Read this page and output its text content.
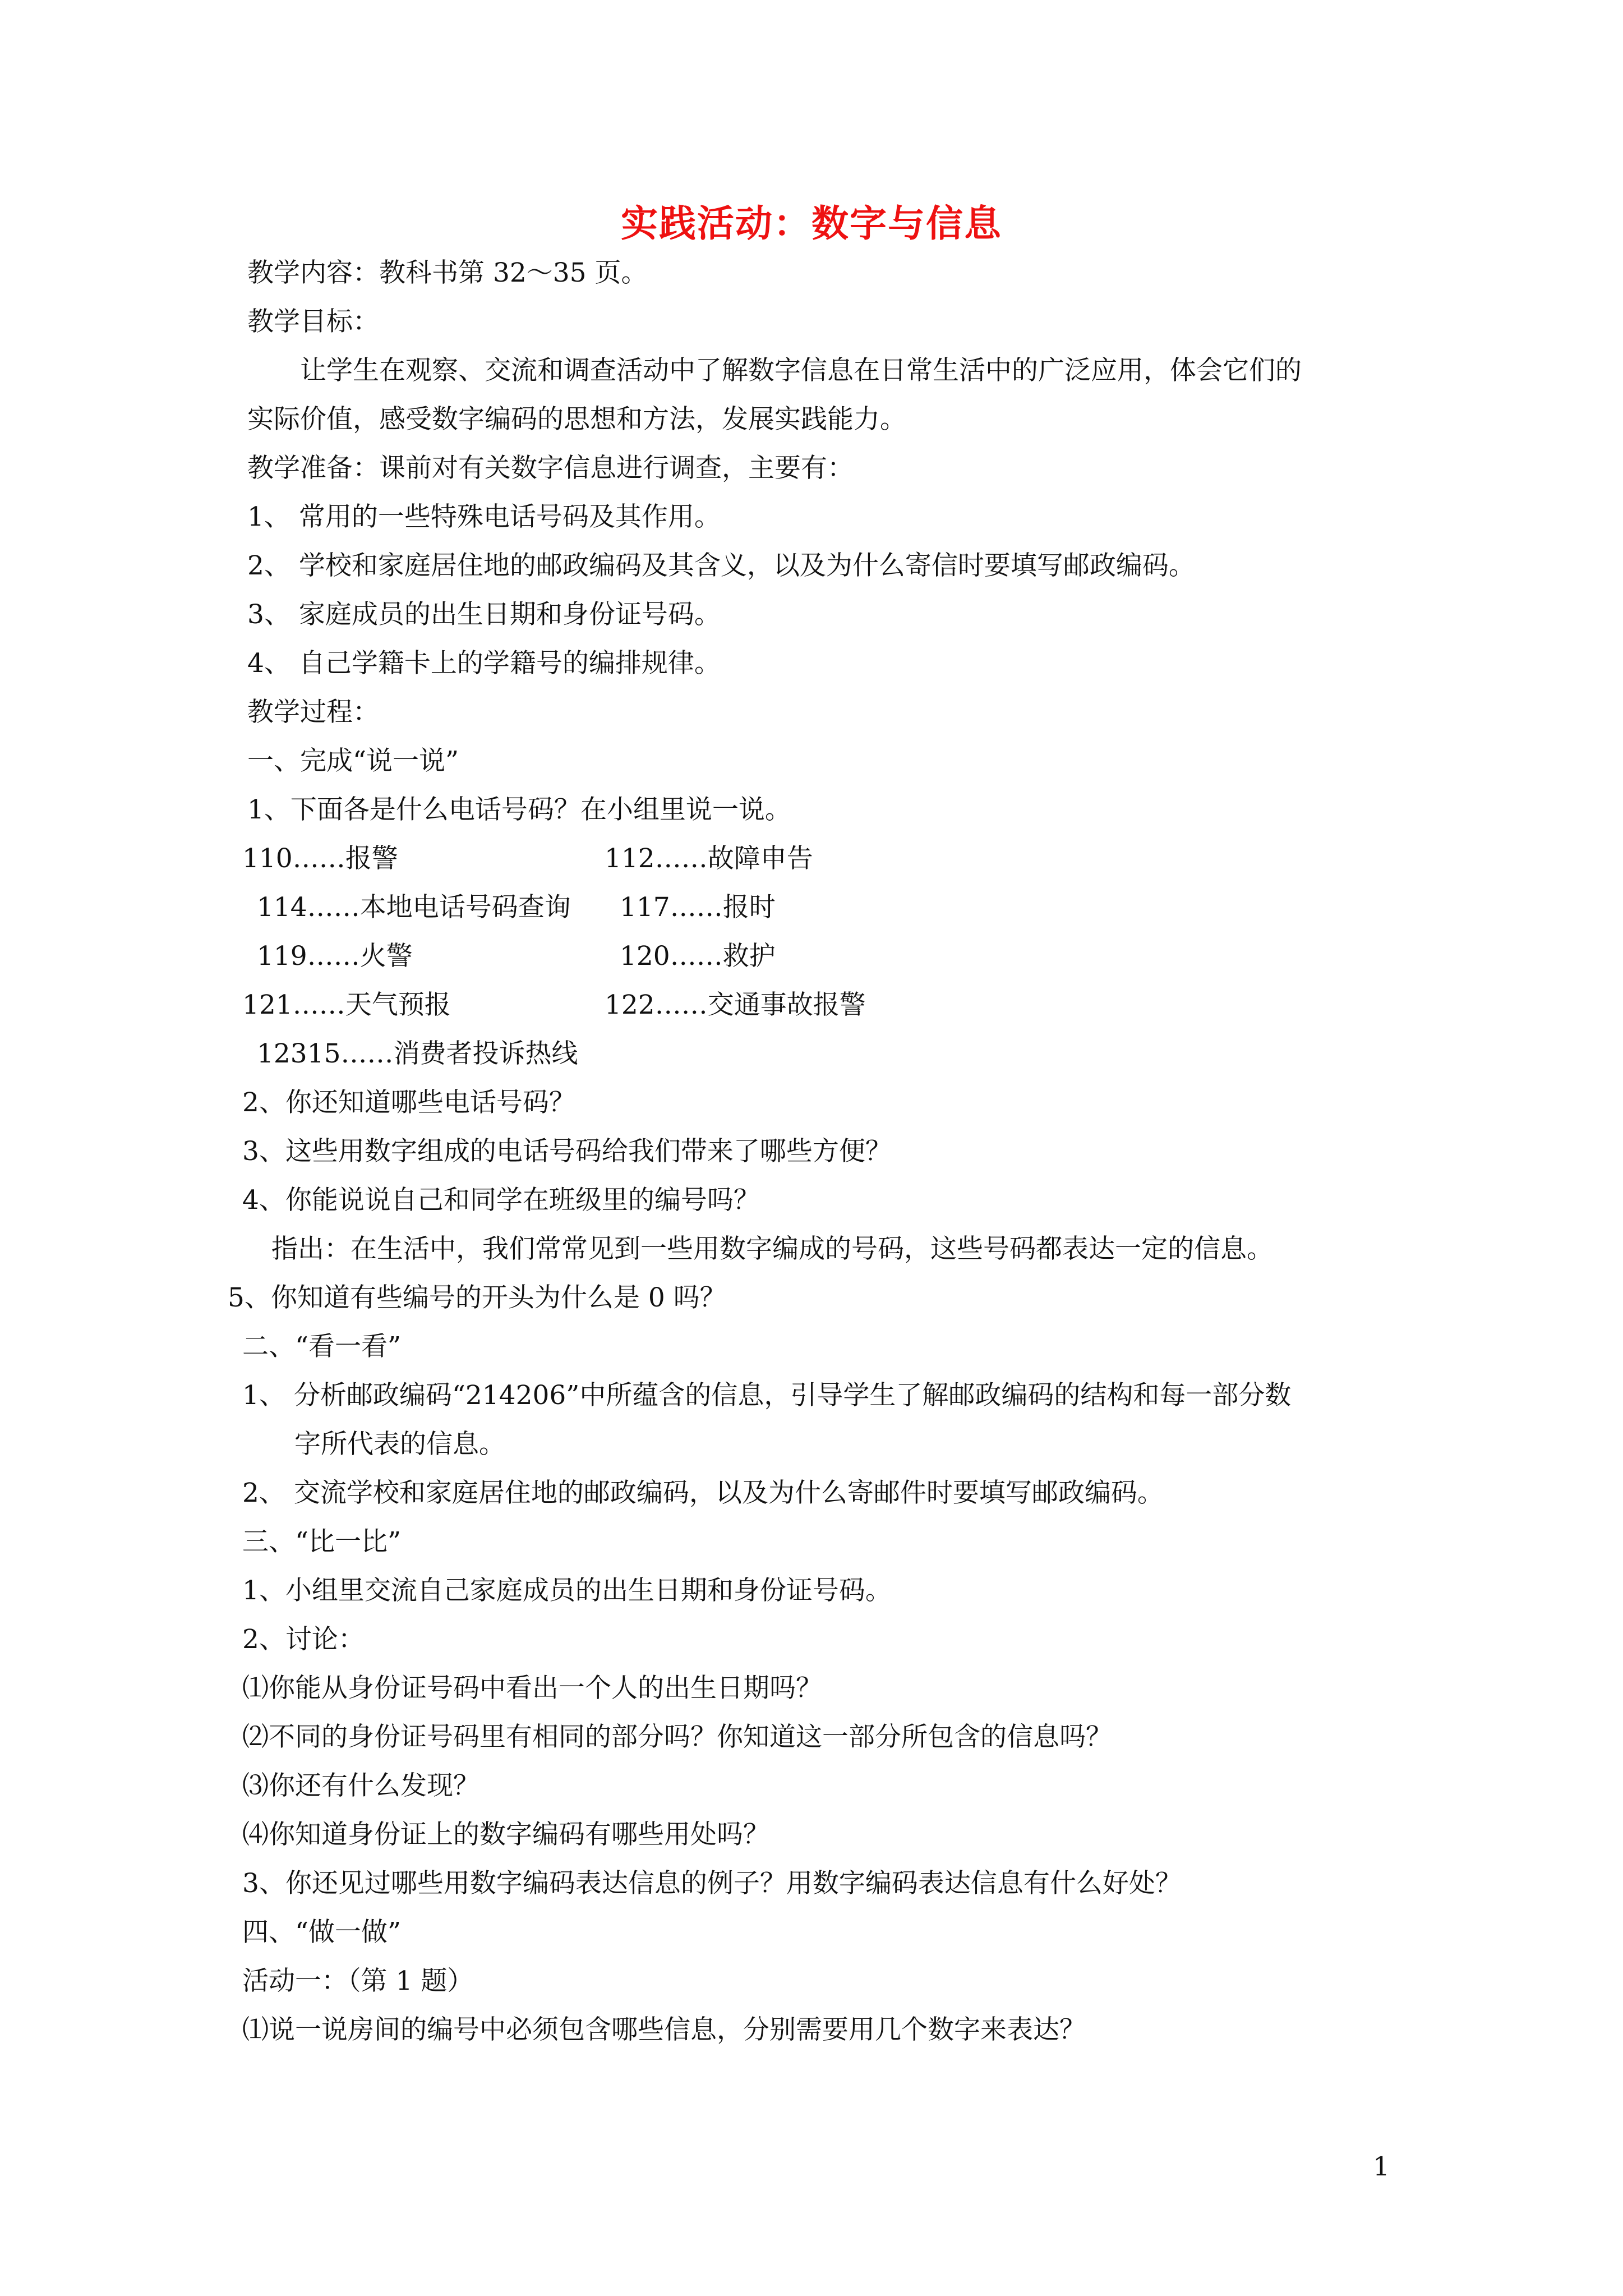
实践活动：数字与信息
教学内容：教科书第 32～35 页。
教学目标：
让学生在观察、交流和调查活动中了解数字信息在日常生活中的广泛应用，体会它们的
实际价值，感受数字编码的思想和方法，发展实践能力。
教学准备：课前对有关数字信息进行调查，主要有：
1、 常用的一些特殊电话号码及其作用。
2、 学校和家庭居住地的邮政编码及其含义，以及为什么寄信时要填写邮政编码。
3、 家庭成员的出生日期和身份证号码。
4、 自己学籍卡上的学籍号的编排规律。
教学过程：
一、完成“说一说”
1、下面各是什么电话号码？在小组里说一说。
110……报警	112……故障申告
114……本地电话号码查询 117……报时
119……火警	120……救护
121……天气预报	122……交通事故报警
12315……消费者投诉热线
2、你还知道哪些电话号码？
3、这些用数字组成的电话号码给我们带来了哪些方便？
4、你能说说自己和同学在班级里的编号吗？
指出：在生活中，我们常常见到一些用数字编成的号码，这些号码都表达一定的信息。
5、你知道有些编号的开头为什么是 0 吗？
二、“看一看”
1、 分析邮政编码“214206”中所蕴含的信息，引导学生了解邮政编码的结构和每一部分数
字所代表的信息。
2、 交流学校和家庭居住地的邮政编码，以及为什么寄邮件时要填写邮政编码。
三、“比一比”
1、小组里交流自己家庭成员的出生日期和身份证号码。
2、讨论：
⑴你能从身份证号码中看出一个人的出生日期吗？
⑵不同的身份证号码里有相同的部分吗？你知道这一部分所包含的信息吗？
⑶你还有什么发现？
⑷你知道身份证上的数字编码有哪些用处吗？
3、你还见过哪些用数字编码表达信息的例子？用数字编码表达信息有什么好处？
四、“做一做”
活动一：（第 1 题）
⑴说一说房间的编号中必须包含哪些信息，分别需要用几个数字来表达？
1
